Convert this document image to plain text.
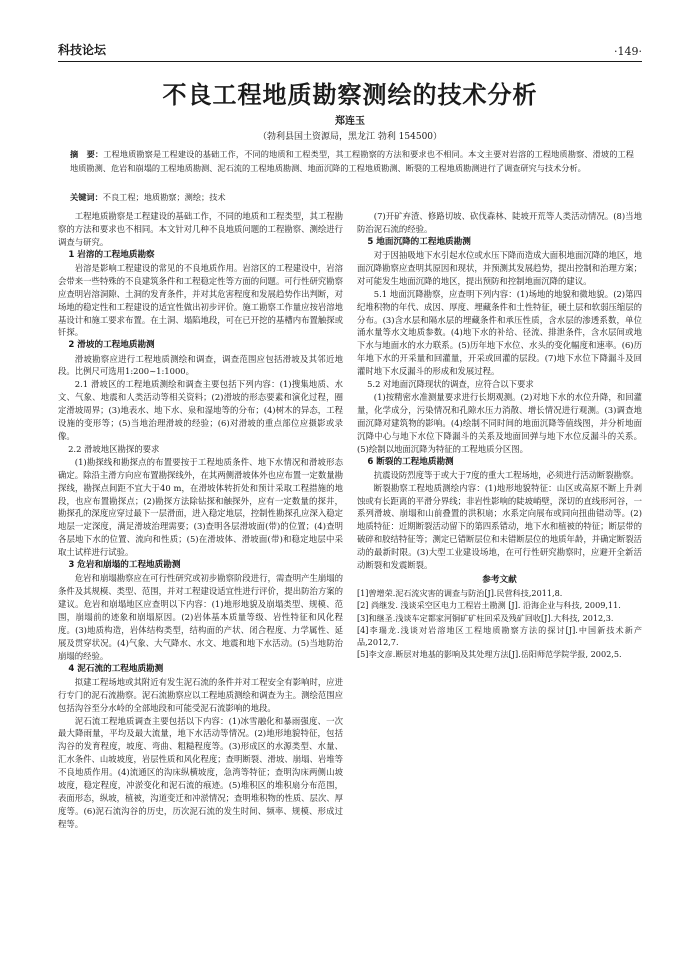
科技论坛	·149·
不良工程地质勘察测绘的技术分析
郑连玉
（勃利县国土资源局，黑龙江 勃利 154500）
摘　要：工程地质勘察是工程建设的基础工作，不同的地质和工程类型，其工程勘察的方法和要求也不相同。本文主要对岩溶的工程地质勘察、滑坡的工程地质勘测、危岩和崩塌的工程地质勘测、泥石流的工程地质勘测、地面沉降的工程地质勘测、断裂的工程地质勘测进行了调查研究与技术分析。
关键词：不良工程；地质勘察；测绘；技术

工程地质勘察是工程建设的基础工作，不同的地质和工程类型，其工程勘察的方法和要求也不相同。本文针对几种不良地质问题的工程勘察、测绘进行调查与研究。

1 岩溶的工程地质勘察

岩溶是影响工程建设的常见的不良地质作用。岩溶区的工程建设中，岩溶会带来一些特殊的不良建筑条件和工程稳定性等方面的问题。可行性研究勘察应查明岩溶洞隙、土洞的发育条件，并对其危害程度和发展趋势作出判断，对场地的稳定性和工程建设的适宜性做出初步评价。施工勘察工作量应按岩溶地基设计和施工要求布置。在土洞、塌陷地段，可在已开挖的基槽内布置触探或钎探。

2 滑坡的工程地质勘测

滑坡勘察应进行工程地质测绘和调查，调查范围应包括滑坡及其邻近地段。比例尺可选用1:200~1:1000。

2.1 滑坡区的工程地质测绘和调查主要包括下列内容：(1)搜集地质、水文、气象、地震和人类活动等相关资料；(2)滑坡的形态要素和演化过程，圈定滑坡周界；(3)地表水、地下水、泉和湿地等的分布；(4)树木的异态，工程设施的变形等；(5)当地治理滑坡的经验；(6)对滑坡的重点部位应摄影或录像。

2.2 滑坡地区勘探的要求

(1)勘探线和勘探点的布置要按于工程地质条件、地下水情况和滑坡形态确定。除沿主滑方向应布置勘探线外，在其两侧滑坡体外也应布置一定数量勘探线，勘探点间距不宜大于40 m，在滑坡体转折处和预计采取工程措施的地段，也应布置勘探点；(2)勘探方法除钻探和触探外，应有一定数量的探井，勘探孔的深度应穿过最下一层滑面，进入稳定地层，控制性勘探孔应深入稳定地层一定深度，满足滑坡治理需要；(3)查明各层滑坡面(带)的位置；(4)查明各层地下水的位置、流向和性质；(5)在滑坡体、滑坡面(带)和稳定地层中采取土试样进行试验。

3 危岩和崩塌的工程地质勘测

危岩和崩塌勘察应在可行性研究或初步勘察阶段进行，需查明产生崩塌的条件及其规模、类型、范围，并对工程建设适宜性进行评价，提出防治方案的建议。危岩和崩塌地区应查明以下内容：(1)地形地貌及崩塌类型、规模、范围，崩塌前的迹象和崩塌原因。(2)岩体基本质量等级、岩性特征和风化程度。(3)地质构造，岩体结构类型，结构面的产状、闭合程度、力学属性、延展及贯穿状况。(4)气象、大气降水、水文、地震和地下水活动。(5)当地防治崩塌的经验。

4 泥石流的工程地质勘测

拟建工程场地或其附近有发生泥石流的条件并对工程安全有影响时，应进行专门的泥石流勘察。泥石流勘察应以工程地质测绘和调查为主。测绘范围应包括沟谷至分水岭的全部地段和可能受泥石流影响的地段。

泥石流工程地质调查主要包括以下内容：(1)冰雪融化和暴雨强度、一次最大降雨量，平均及最大流量，地下水活动等情况。(2)地形地貌特征，包括沟谷的发育程度，坡度、弯曲、粗糙程度等。(3)形成区的水源类型、水量、汇水条件、山坡坡度，岩层性质和风化程度；查明断裂、滑坡、崩塌、岩堆等不良地质作用。(4)流通区的沟床纵横坡度，急湾等特征；查明沟床两侧山坡坡度，稳定程度，冲淤变化和泥石流的痕迹。(5)堆积区的堆积扇分布范围，表面形态，纵坡，植被，沟道变迁和冲淤情况；查明堆积物的性质、层次、厚度等。(6)泥石流沟谷的历史，历次泥石流的发生时间、频率、规模、形成过程等。

(7)开矿弃渣、修路切坡、砍伐森林、陡坡开荒等人类活动情况。(8)当地防治泥石流的经验。

5 地面沉降的工程地质勘测

对于因抽吸地下水引起水位或水压下降而造成大面积地面沉降的地区，地面沉降勘察应查明其原因和现状，并预测其发展趋势，提出控制和治理方案；对可能发生地面沉降的地区，提出预防和控制地面沉降的建议。

5.1 地面沉降勘察，应查明下列内容：(1)场地的地貌和微地貌。(2)第四纪堆积物的年代、成因、厚度、埋藏条件和土性特征，硬土层和软弱压缩层的分布。(3)含水层和隔水层的埋藏条件和承压性质，含水层的渗透系数，单位涌水量等水文地质参数。(4)地下水的补给、径流、排泄条件，含水层间或地下水与地面水的水力联系。(5)历年地下水位、水头的变化幅度和速率。(6)历年地下水的开采量和回灌量，开采或回灌的层段。(7)地下水位下降漏斗及回灌时地下水反漏斗的形成和发展过程。

5.2 对地面沉降现状的调查，应符合以下要求

(1)按精密水准测量要求进行长期观测。(2)对地下水的水位升降，和回灌量，化学成分，污染情况和孔隙水压力消散、增长情况进行观测。(3)调查地面沉降对建筑物的影响。(4)绘制不同时间的地面沉降等值线图，并分析地面沉降中心与地下水位下降漏斗的关系及地面回弹与地下水位反漏斗的关系。(5)绘制以地面沉降为特征的工程地质分区图。

6 断裂的工程地质勘测

抗震设防烈度等于或大于7度的重大工程场地，必须进行活动断裂勘察。

断裂勘察工程地质测绘内容：(1)地形地貌特征：山区或高原不断上升剥蚀或有长距离的平滑分界线；非岩性影响的陡坡峭壁，深切的直线形河谷，一系列滑坡、崩塌和山前叠置的洪积扇；水系定向展布或同向扭曲错动等。(2)地质特征：近期断裂活动留下的第四系错动，地下水和植被的特征；断层带的破碎和胶结特征等；测定已错断层位和未错断层位的地质年龄，并确定断裂活动的最新时限。(3)大型工业建设场地，在可行性研究勘察时，应避开全新活动断裂和发震断裂。

参考文献

[1]曾增荣.泥石流灾害的调查与防治[J].民营科技,2011,8.

[2] 尚继发. 浅谈采空区电力工程岩土勘测 [J]. 沿海企业与科技, 2009,11.

[3]和继圣.浅谈车定都家河铜矿矿柱回采及残矿回收[J].大科技, 2012,3.

[4]李瑞龙.浅谈对岩溶地区工程地质勘察方法的探讨[J].中国新技术新产品,2012,7.

[5]李文彦.断层对地基的影响及其处理方法[J].岳阳师范学院学报, 2002,5.
